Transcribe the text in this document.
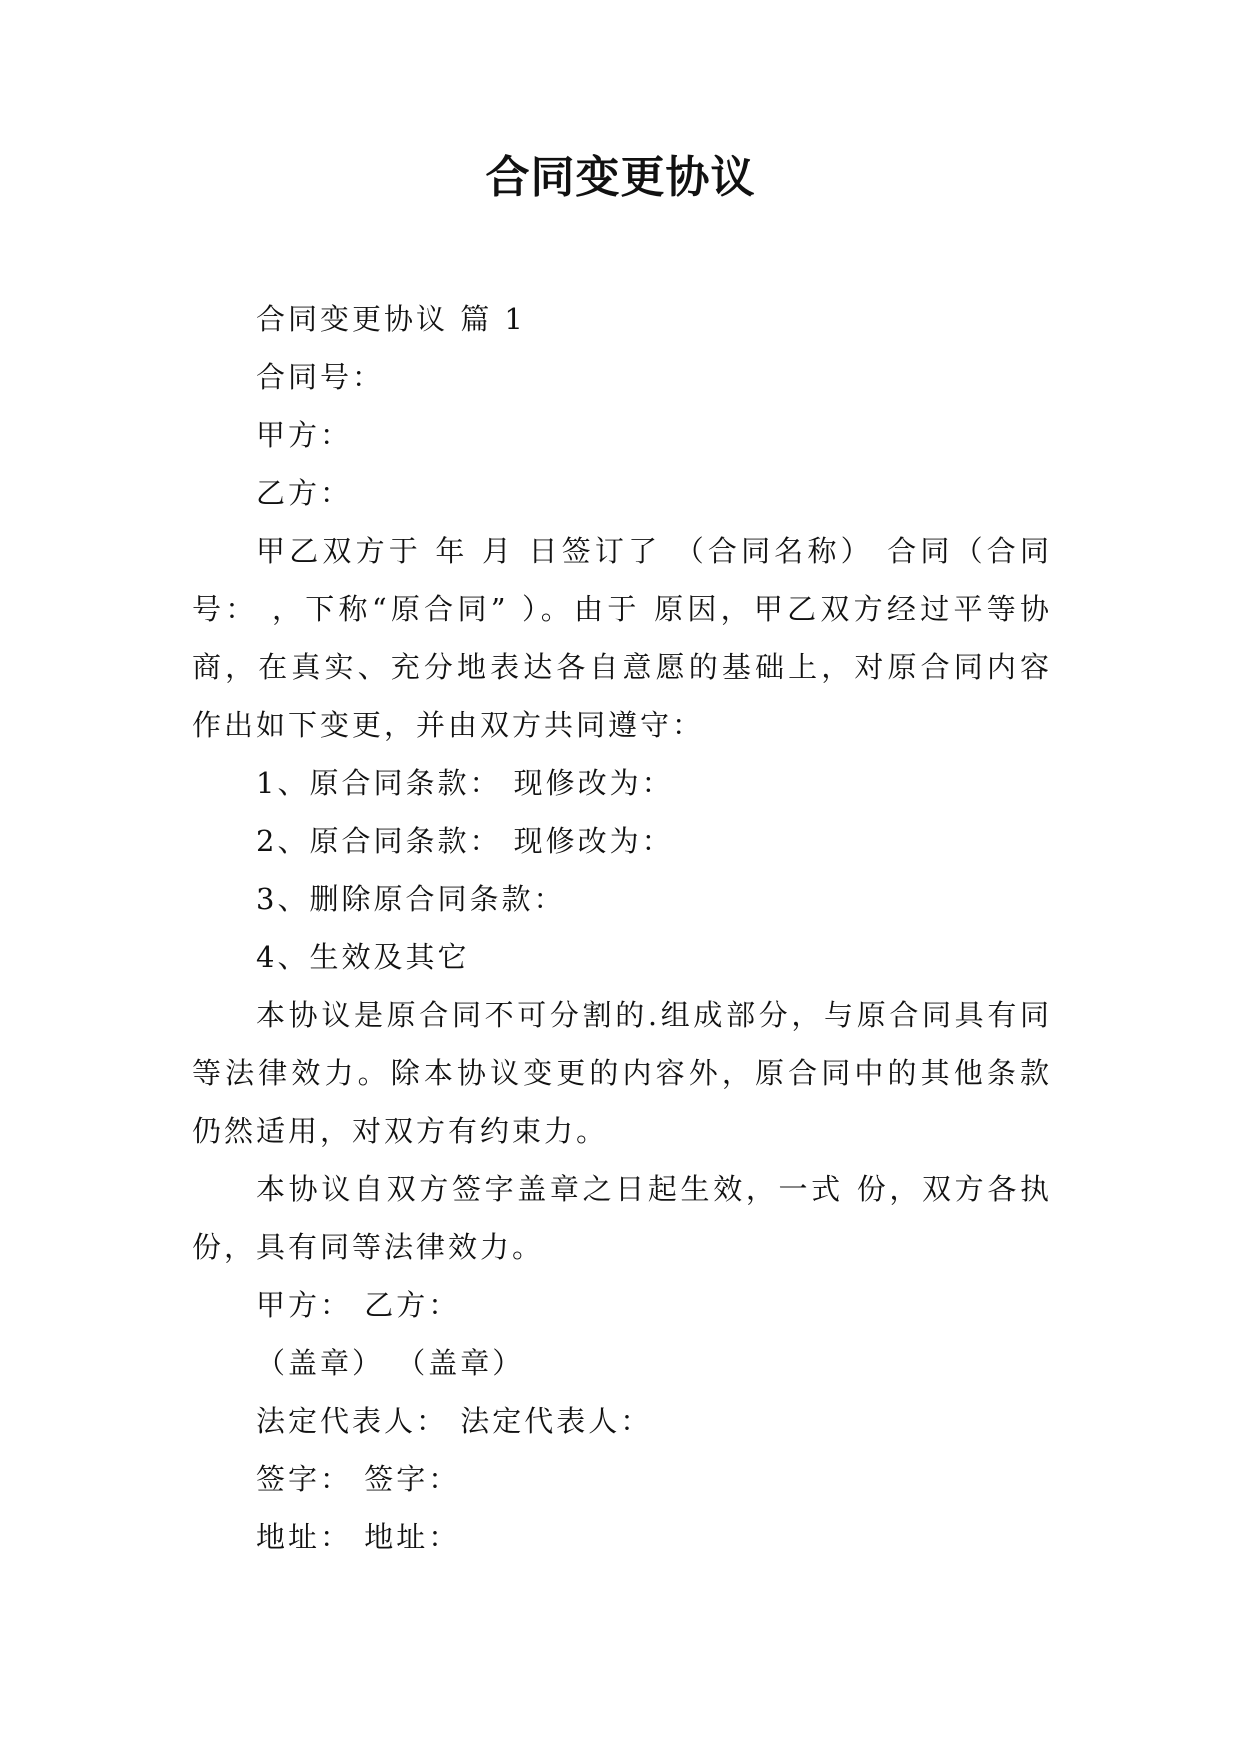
合同变更协议
合同变更协议 篇 1
合同号：
甲方：
乙方：
甲乙双方于 年 月 日签订了 （合同名称） 合同（合同号： ，下称“原合同” ）。由于 原因，甲乙双方经过平等协商，在真实、充分地表达各自意愿的基础上，对原合同内容作出如下变更，并由双方共同遵守：
1、原合同条款： 现修改为：
2、原合同条款： 现修改为：
3、删除原合同条款：
4、生效及其它
本协议是原合同不可分割的.组成部分，与原合同具有同等法律效力。除本协议变更的内容外，原合同中的其他条款仍然适用，对双方有约束力。
本协议自双方签字盖章之日起生效，一式 份，双方各执 份，具有同等法律效力。
甲方： 乙方：
（盖章） （盖章）
法定代表人： 法定代表人：
签字： 签字：
地址： 地址：
